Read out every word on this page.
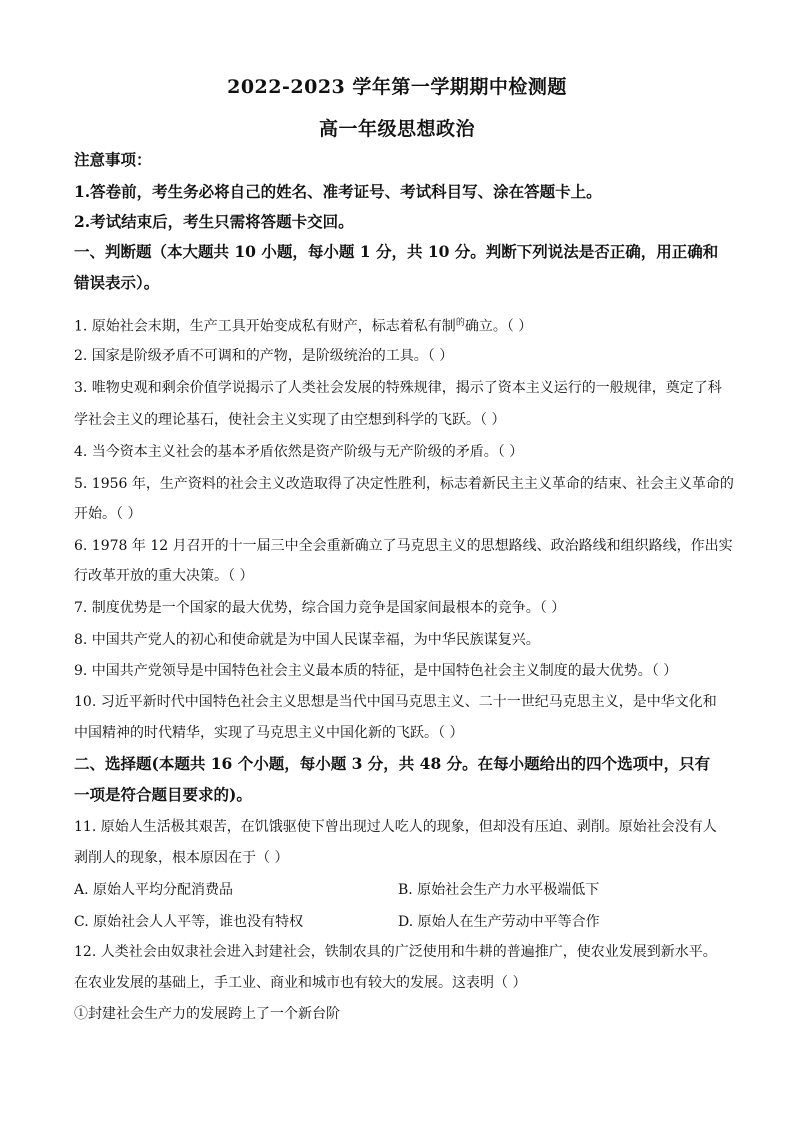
2022-2023 学年第一学期期中检测题
高一年级思想政治
注意事项：
1.答卷前，考生务必将自己的姓名、准考证号、考试科目写、涂在答题卡上。
2.考试结束后，考生只需将答题卡交回。
一、判断题（本大题共 10 小题，每小题 1 分，共 10 分。判断下列说法是否正确，用正确和
错误表示）。
1. 原始社会末期，生产工具开始变成私有财产，标志着私有制$^的$确立。（ ）
2. 国家是阶级矛盾不可调和的产物，是阶级统治的工具。（ ）
3. 唯物史观和剩余价值学说揭示了人类社会发展的特殊规律，揭示了资本主义运行的一般规律，奠定了科
学社会主义的理论基石，使社会主义实现了由空想到科学的飞跃。（ ）
4. 当今资本主义社会的基本矛盾依然是资产阶级与无产阶级的矛盾。（ ）
5. 1956 年，生产资料的社会主义改造取得了决定性胜利，标志着新民主主义革命的结束、社会主义革命的
开始。（ ）
6. 1978 年 12 月召开的十一届三中全会重新确立了马克思主义的思想路线、政治路线和组织路线，作出实
行改革开放的重大决策。（ ）
7. 制度优势是一个国家的最大优势，综合国力竞争是国家间最根本的竞争。（ ）
8. 中国共产党人的初心和使命就是为中国人民谋幸福，为中华民族谋复兴。
9. 中国共产党领导是中国特色社会主义最本质的特征，是中国特色社会主义制度的最大优势。（ ）
10. 习近平新时代中国特色社会主义思想是当代中国马克思主义、二十一世纪马克思主义，是中华文化和
中国精神的时代精华，实现了马克思主义中国化新的飞跃。（ ）
二、选择题(本题共 16 个小题，每小题 3 分，共 48 分。在每小题给出的四个选项中，只有
一项是符合题目要求的)。
11. 原始人生活极其艰苦，在饥饿驱使下曾出现过人吃人的现象，但却没有压迫、剥削。原始社会没有人
剥削人的现象，根本原因在于（ ）
A. 原始人平均分配消费品	B. 原始社会生产力水平极端低下
C. 原始社会人人平等，谁也没有特权	D. 原始人在生产劳动中平等合作
12. 人类社会由奴隶社会进入封建社会，铁制农具的广泛使用和牛耕的普遍推广，使农业发展到新水平。
在农业发展的基础上，手工业、商业和城市也有较大的发展。这表明（ ）
①封建社会生产力的发展跨上了一个新台阶
